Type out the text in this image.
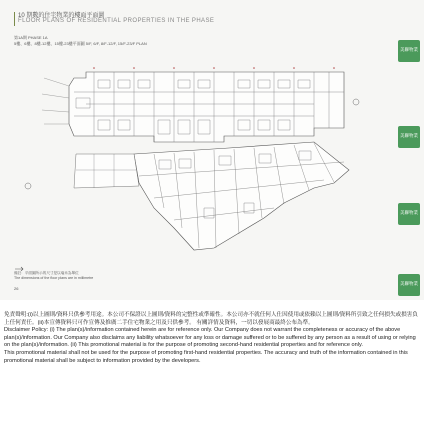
10 期數的住宅物業的樓面平面圖
FLOOR PLANS OF RESIDENTIAL PROPERTIES IN THE PHASE
第1A期 PHASE 1A
5樓、6樓、8樓-12樓、15樓-23樓平面圖 5/F, 6/F, 8/F-12/F, 15/F-23/F PLAN
備註：平面圖所示的尺寸是以毫米為單位
The dimensions of the floor plans are in millimetre
26
美聯物業
美聯物業
美聯物業
美聯物業

免責聲明:(i)以上圖則/資料只供參考用途。本公司不保證以上圖則/資料的完整性或準確性。本公司亦不就任何人仕因使用或依賴以上圖則/資料所引致之任何損失或損害負上任何責任。(ii)本宣傳資料只可作宣傳及推廣二手住宅物業之用及只供參考。 有關詳情及資料，一切以發展商最終公布為準。

Disclaimer Policy: (i) The plan(s)/information contained herein are for reference only. Our Company does not warrant the completeness or accuracy of the above plan(s)/information. Our Company also disclaims any liability whatsoever for any loss or damage suffered or to be suffered by any person as a result of using or relying on the plan(s)/information. (ii) This promotional material is for the purpose of promoting second-hand residential properties and for reference only.

This promotional material shall not be used for the purpose of promoting first-hand residential properties. The accuracy and truth of the information contained in this promotional material shall be subject to information provided by the developers.
